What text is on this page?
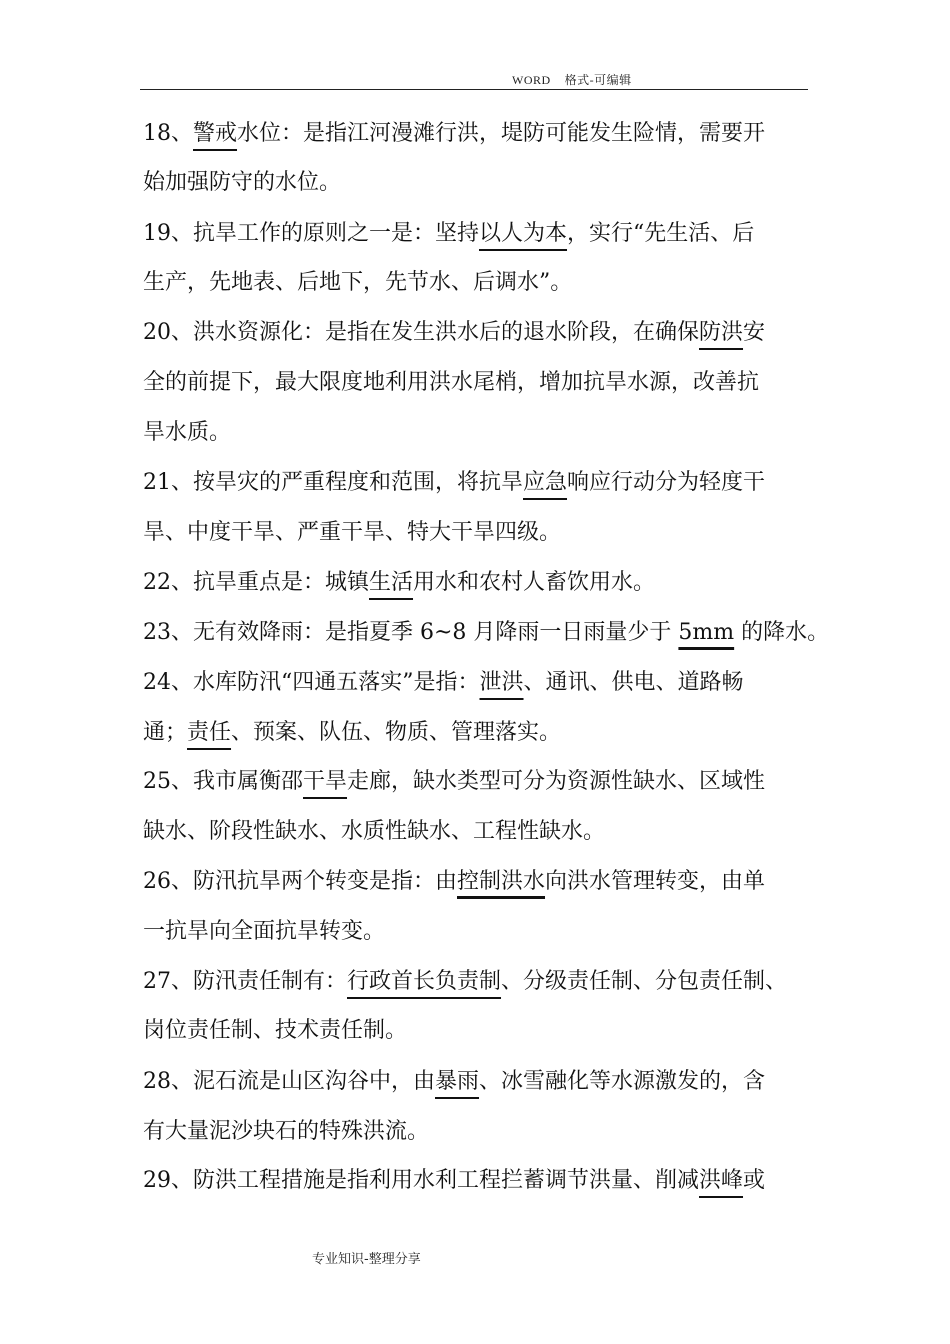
WORD    格式-可编辑
18、警戒水位：是指江河漫滩行洪，堤防可能发生险情，需要开
始加强防守的水位。
19、抗旱工作的原则之一是：坚持以人为本，实行“先生活、后
生产，先地表、后地下，先节水、后调水”。
20、洪水资源化：是指在发生洪水后的退水阶段，在确保防洪安
全的前提下，最大限度地利用洪水尾梢，增加抗旱水源，改善抗
旱水质。
21、按旱灾的严重程度和范围，将抗旱应急响应行动分为轻度干
旱、中度干旱、严重干旱、特大干旱四级。
22、抗旱重点是：城镇生活用水和农村人畜饮用水。
23、无有效降雨：是指夏季 6~8 月降雨一日雨量少于 5mm 的降水。
24、水库防汛“四通五落实”是指：泄洪、通讯、供电、道路畅
通；责任、预案、队伍、物质、管理落实。
25、我市属衡邵干旱走廊，缺水类型可分为资源性缺水、区域性
缺水、阶段性缺水、水质性缺水、工程性缺水。
26、防汛抗旱两个转变是指：由控制洪水向洪水管理转变，由单
一抗旱向全面抗旱转变。
27、防汛责任制有：行政首长负责制、分级责任制、分包责任制、
岗位责任制、技术责任制。
28、泥石流是山区沟谷中，由暴雨、冰雪融化等水源激发的，含
有大量泥沙块石的特殊洪流。
29、防洪工程措施是指利用水利工程拦蓄调节洪量、削减洪峰或
专业知识-整理分享
